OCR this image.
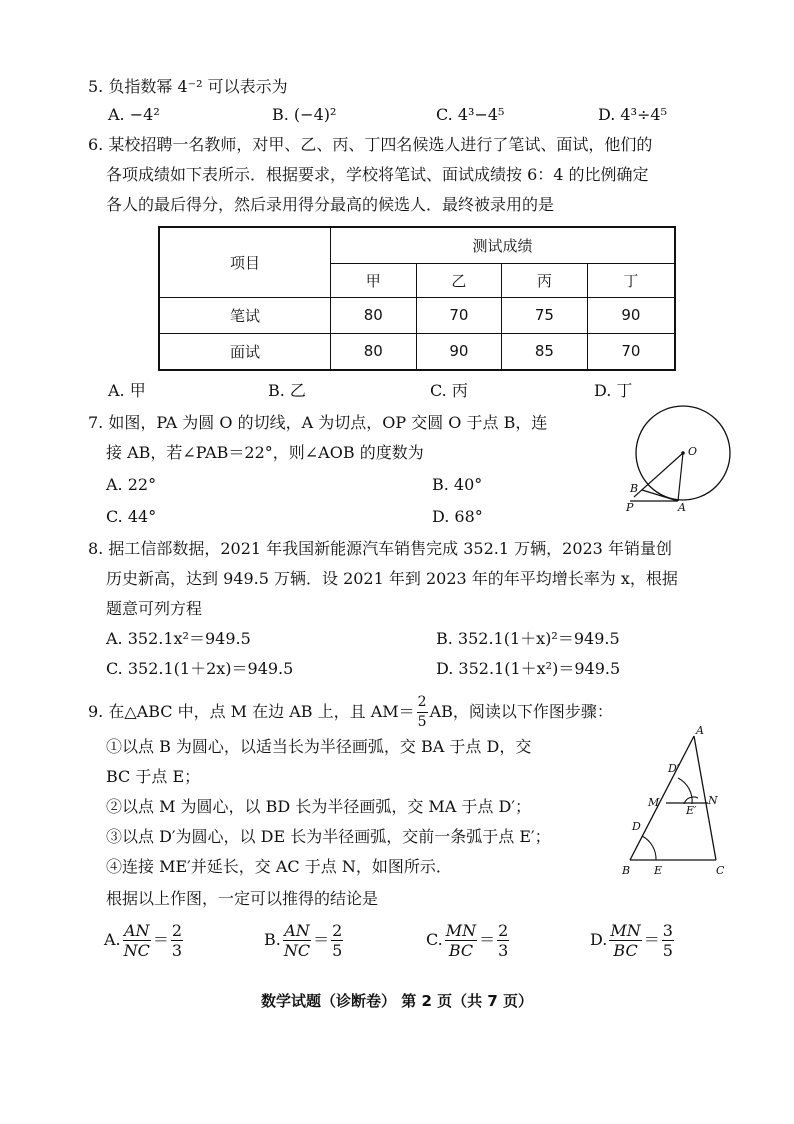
5. 负指数幂 4⁻² 可以表示为
A. −4²	B. (−4)²	C. 4³−4⁵	D. 4³÷4⁵
6. 某校招聘一名教师，对甲、乙、丙、丁四名候选人进行了笔试、面试，他们的
各项成绩如下表所示．根据要求，学校将笔试、面试成绩按 6：4 的比例确定
各人的最后得分，然后录用得分最高的候选人．最终被录用的是
项目	测试成绩			
	甲	乙	丙	丁
笔试	80	70	75	90
面试	80	90	85	70
A. 甲	B. 乙	C. 丙	D. 丁
7. 如图，PA 为圆 O 的切线，A 为切点，OP 交圆 O 于点 B，连
接 AB，若∠PAB＝22°，则∠AOB 的度数为
A. 22°	B. 40°
C. 44°	D. 68°
O
B
P	A
8. 据工信部数据，2021 年我国新能源汽车销售完成 352.1 万辆，2023 年销量创
历史新高，达到 949.5 万辆．设 2021 年到 2023 年的年平均增长率为 x，根据
题意可列方程
A. 352.1x²＝949.5	B. 352.1(1＋x)²＝949.5
C. 352.1(1＋2x)＝949.5	D. 352.1(1＋x²)＝949.5
9. 在△ABC 中，点 M 在边 AB 上，且 $AM= \frac{2}{5}$ AB，阅读以下作图步骤：
①以点 B 为圆心，以适当长为半径画弧，交 BA 于点 D，交
BC 于点 E；
②以点 M 为圆心，以 BD 长为半径画弧，交 MA 于点 D′；
③以点 D′为圆心，以 DE 长为半径画弧，交前一条弧于点 E′；
④连接 ME′并延长，交 AC 于点 N，如图所示．
根据以上作图，一定可以推得的结论是
A. $\frac{AN}{NC} = \frac{2}{3}$	B. $\frac{AN}{NC} = \frac{2}{5}$	C. $\frac{MN}{BC} = \frac{2}{3}$	D. $\frac{MN}{BC} = \frac{3}{5}$
A
D′
M	N
E′
D
B E	C
数学试题（诊断卷） 第 2 页（共 7 页）
